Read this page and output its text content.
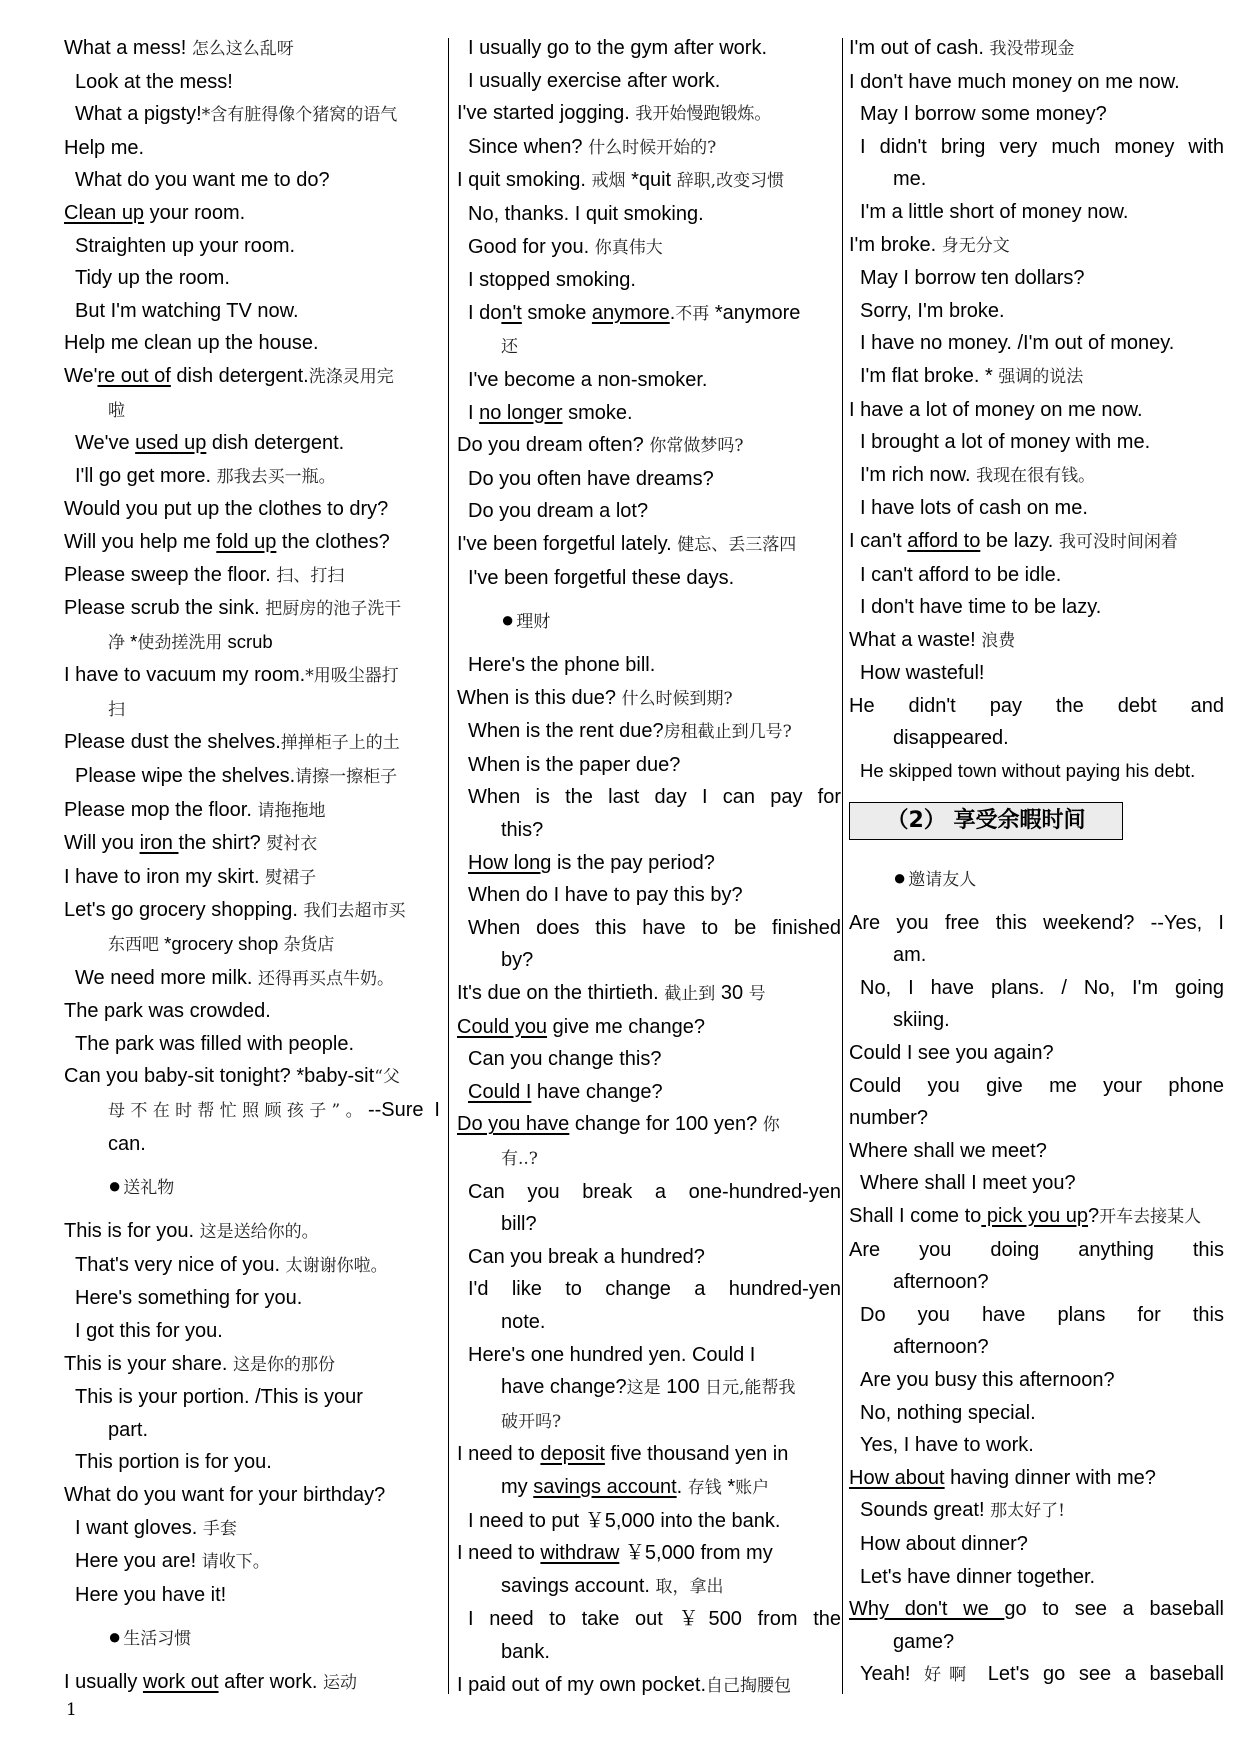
What a mess! 怎么这么乱呀
Look at the mess!
What a pigsty!*含有脏得像个猪窝的语气
Help me.
What do you want me to do?
Clean up your room.
Straighten up your room.
Tidy up the room.
But I'm watching TV now.
Help me clean up the house.
We're out of dish detergent.洗涤灵用完
啦
We've used up dish detergent.
I'll go get more. 那我去买一瓶。
Would you put up the clothes to dry?
Will you help me fold up the clothes?
Please sweep the floor. 扫、打扫
Please scrub the sink. 把厨房的池子洗干
净 *使劲搓洗用 scrub
I have to vacuum my room.*用吸尘器打
扫
Please dust the shelves.掸掸柜子上的土
Please wipe the shelves.请擦一擦柜子
Please mop the floor. 请拖拖地
Will you iron the shirt? 熨衬衣
I have to iron my skirt. 熨裙子
Let's go grocery shopping. 我们去超市买
东西吧 *grocery shop 杂货店
We need more milk. 还得再买点牛奶。
The park was crowded.
The park was filled with people.
Can you baby-sit tonight? *baby-sit“父
母不在时帮忙照顾孩子”。--Sure I
can.
● 送礼物
This is for you. 这是送给你的。
That's very nice of you. 太谢谢你啦。
Here's something for you.
I got this for you.
This is your share. 这是你的那份
This is your portion. /This is your
part.
This portion is for you.
What do you want for your birthday?
I want gloves. 手套
Here you are! 请收下。
Here you have it!
● 生活习惯
I usually work out after work. 运动
I usually go to the gym after work.
I usually exercise after work.
I've started jogging. 我开始慢跑锻炼。
Since when? 什么时候开始的?
I quit smoking. 戒烟 *quit 辞职,改变习惯
No, thanks. I quit smoking.
Good for you. 你真伟大
I stopped smoking.
I don't smoke anymore.不再 *anymore
还
I've become a non-smoker.
I no longer smoke.
Do you dream often? 你常做梦吗?
Do you often have dreams?
Do you dream a lot?
I've been forgetful lately. 健忘、丢三落四
I've been forgetful these days.
● 理财
Here's the phone bill.
When is this due? 什么时候到期?
When is the rent due?房租截止到几号?
When is the paper due?
When is the last day I can pay for
this?
How long is the pay period?
When do I have to pay this by?
When does this have to be finished
by?
It's due on the thirtieth. 截止到 30 号
Could you give me change?
Can you change this?
Could I have change?
Do you have change for 100 yen? 你
有..?
Can you break a one-hundred-yen
bill?
Can you break a hundred?
I'd like to change a hundred-yen
note.
Here's one hundred yen. Could I
have change?这是 100 日元,能帮我
破开吗?
I need to deposit five thousand yen in
my savings account. 存钱 *账户
I need to put ￥5,000 into the bank.
I need to withdraw ￥5,000 from my
savings account. 取，拿出
I need to take out ￥500 from the
bank.
I paid out of my own pocket.自己掏腰包
I'm out of cash. 我没带现金
I don't have much money on me now.
May I borrow some money?
I didn't bring very much money with
me.
I'm a little short of money now.
I'm broke. 身无分文
May I borrow ten dollars?
Sorry, I'm broke.
I have no money. /I'm out of money.
I'm flat broke. * 强调的说法
I have a lot of money on me now.
I brought a lot of money with me.
I'm rich now. 我现在很有钱。
I have lots of cash on me.
I can't afford to be lazy. 我可没时间闲着
I can't afford to be idle.
I don't have time to be lazy.
What a waste! 浪费
How wasteful!
He didn't pay the debt and
disappeared.
He skipped town without paying his debt.
（2） 享受余暇时间
● 邀请友人
Are you free this weekend? --Yes, I
am.
No, I have plans. / No, I'm going
skiing.
Could I see you again?
Could you give me your phone
number?
Where shall we meet?
Where shall I meet you?
Shall I come to pick you up?开车去接某人
Are you doing anything this
afternoon?
Do you have plans for this
afternoon?
Are you busy this afternoon?
No, nothing special.
Yes, I have to work.
How about having dinner with me?
Sounds great! 那太好了!
How about dinner?
Let's have dinner together.
Why don't we go to see a baseball
game?
Yeah! 好啊 Let's go see a baseball
1
